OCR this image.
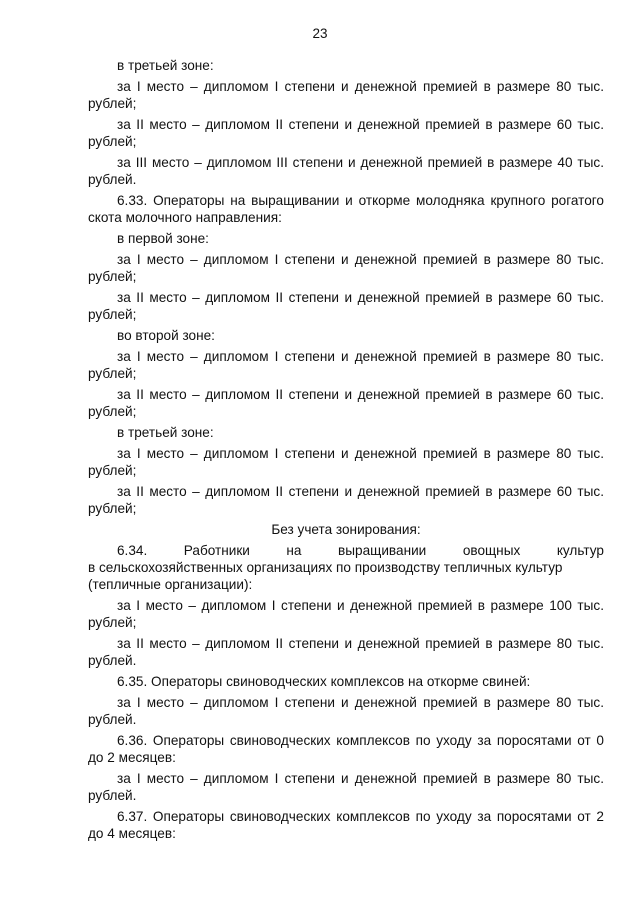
23

в третьей зоне:

за I место – дипломом I степени и денежной премией в размере 80 тыс. рублей;

за II место – дипломом II степени и денежной премией в размере 60 тыс. рублей;

за III место – дипломом III степени и денежной премией в размере 40 тыс. рублей.

6.33. Операторы на выращивании и откорме молодняка крупного рогатого скота молочного направления:

в первой зоне:

за I место – дипломом I степени и денежной премией в размере 80 тыс. рублей;

за II место – дипломом II степени и денежной премией в размере 60 тыс. рублей;

во второй зоне:

за I место – дипломом I степени и денежной премией в размере 80 тыс. рублей;

за II место – дипломом II степени и денежной премией в размере 60 тыс. рублей;

в третьей зоне:

за I место – дипломом I степени и денежной премией в размере 80 тыс. рублей;

за II место – дипломом II степени и денежной премией в размере 60 тыс. рублей;

Без учета зонирования:

6.34.	Работники	на	выращивании	овощных	культур
в сельскохозяйственных организациях по производству тепличных культур
(тепличные организации):

за I место – дипломом I степени и денежной премией в размере 100 тыс. рублей;

за II место – дипломом II степени и денежной премией в размере 80 тыс. рублей.

6.35. Операторы свиноводческих комплексов на откорме свиней:

за I место – дипломом I степени и денежной премией в размере 80 тыс. рублей.

6.36. Операторы свиноводческих комплексов по уходу за поросятами от 0 до 2 месяцев:

за I место – дипломом I степени и денежной премией в размере 80 тыс. рублей.

6.37. Операторы свиноводческих комплексов по уходу за поросятами от 2 до 4 месяцев:
